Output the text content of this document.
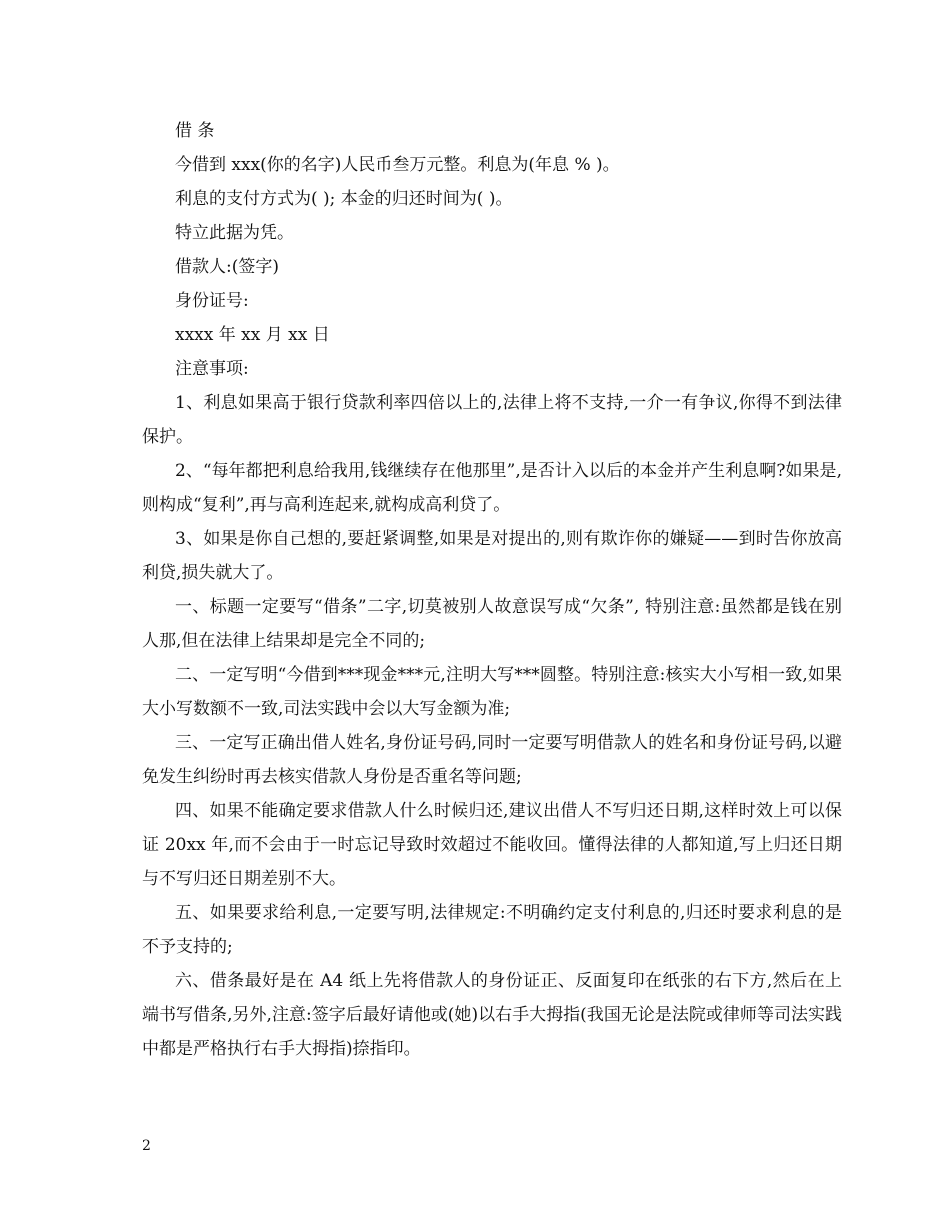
借 条

今借到 xxx(你的名字)人民币叁万元整。利息为(年息 % )。

利息的支付方式为( ); 本金的归还时间为( )。

特立此据为凭。

借款人:(签字)

身份证号:

xxxx 年 xx 月 xx 日

注意事项:

1、利息如果高于银行贷款利率四倍以上的,法律上将不支持,一介一有争议,你得不到法律保护。

2、“每年都把利息给我用,钱继续存在他那里”,是否计入以后的本金并产生利息啊?如果是,则构成“复利”,再与高利连起来,就构成高利贷了。

3、如果是你自己想的,要赶紧调整,如果是对提出的,则有欺诈你的嫌疑——到时告你放高利贷,损失就大了。

一、标题一定要写“借条”二字,切莫被别人故意误写成“欠条”, 特别注意:虽然都是钱在别人那,但在法律上结果却是完全不同的;

二、一定写明“今借到***现金***元,注明大写***圆整。特别注意:核实大小写相一致,如果大小写数额不一致,司法实践中会以大写金额为准;

三、一定写正确出借人姓名,身份证号码,同时一定要写明借款人的姓名和身份证号码,以避免发生纠纷时再去核实借款人身份是否重名等问题;

四、如果不能确定要求借款人什么时候归还,建议出借人不写归还日期,这样时效上可以保证 20xx 年,而不会由于一时忘记导致时效超过不能收回。懂得法律的人都知道,写上归还日期与不写归还日期差别不大。

五、如果要求给利息,一定要写明,法律规定:不明确约定支付利息的,归还时要求利息的是不予支持的;

六、借条最好是在 A4 纸上先将借款人的身份证正、反面复印在纸张的右下方,然后在上端书写借条,另外,注意:签字后最好请他或(她)以右手大拇指(我国无论是法院或律师等司法实践中都是严格执行右手大拇指)捺指印。

2
